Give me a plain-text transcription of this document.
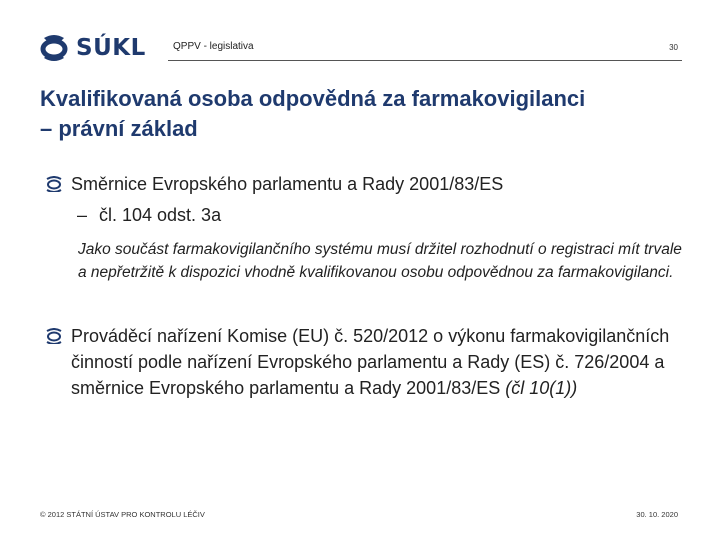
SÚKL	QPPV - legislativa	30
Kvalifikovaná osoba odpovědná za farmakovigilanci
– právní základ
Směrnice Evropského parlamentu a Rady 2001/83/ES
– čl. 104 odst. 3a
Jako součást farmakovigilančního systému musí držitel rozhodnutí o registraci mít trvale a nepřetržitě k dispozici vhodně kvalifikovanou osobu odpovědnou za farmakovigilanci.
Prováděcí nařízení Komise (EU) č. 520/2012 o výkonu farmakovigilančních činností podle nařízení Evropského parlamentu a Rady (ES) č. 726/2004 a směrnice Evropského parlamentu a Rady 2001/83/ES (čl 10(1))
© 2012 STÁTNÍ ÚSTAV PRO KONTROLU LÉČIV	30. 10. 2020
